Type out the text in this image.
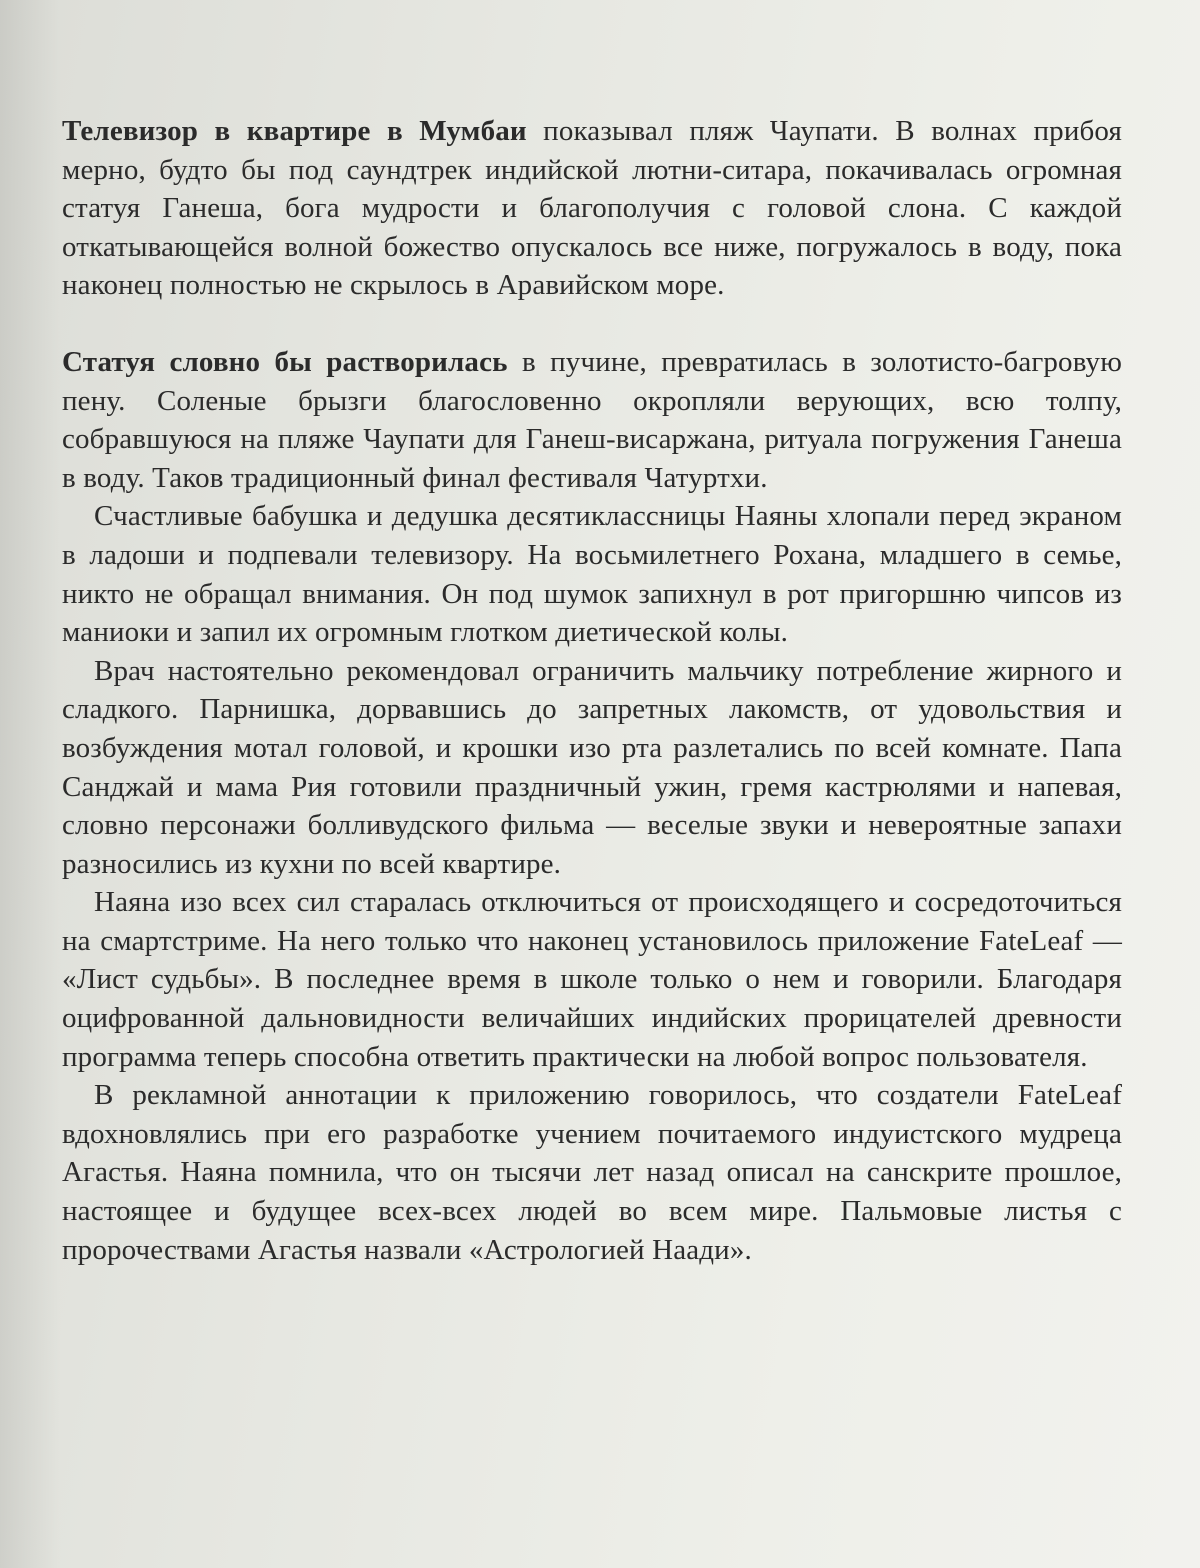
Телевизор в квартире в Мумбаи показывал пляж Чаупати. В волнах прибоя мерно, будто бы под саундтрек индийской лютни-ситара, покачивалась огромная статуя Ганеша, бога мудрости и благополучия с головой слона. С каждой откатывающейся волной божество опускалось все ниже, погружалось в воду, пока наконец полностью не скрылось в Аравийском море.

Статуя словно бы растворилась в пучине, превратилась в золотисто-багровую пену. Соленые брызги благословенно окропляли верующих, всю толпу, собравшуюся на пляже Чаупати для Ганеш-висаржана, ритуала погружения Ганеша в воду. Таков традиционный финал фестиваля Чатуртхи.

Счастливые бабушка и дедушка десятиклассницы Наяны хлопали перед экраном в ладоши и подпевали телевизору. На восьмилетнего Рохана, младшего в семье, никто не обращал внимания. Он под шумок запихнул в рот пригоршню чипсов из маниоки и запил их огромным глотком диетической колы.

Врач настоятельно рекомендовал ограничить мальчику потребление жирного и сладкого. Парнишка, дорвавшись до запретных лакомств, от удовольствия и возбуждения мотал головой, и крошки изо рта разлетались по всей комнате. Папа Санджай и мама Рия готовили праздничный ужин, гремя кастрюлями и напевая, словно персонажи болливудского фильма — веселые звуки и невероятные запахи разносились из кухни по всей квартире.

Наяна изо всех сил старалась отключиться от происходящего и сосредоточиться на смартстриме. На него только что наконец установилось приложение FateLeaf — «Лист судьбы». В последнее время в школе только о нем и говорили. Благодаря оцифрованной дальновидности величайших индийских прорицателей древности программа теперь способна ответить практически на любой вопрос пользователя.

В рекламной аннотации к приложению говорилось, что создатели FateLeaf вдохновлялись при его разработке учением почитаемого индуистского мудреца Агастья. Наяна помнила, что он тысячи лет назад описал на санскрите прошлое, настоящее и будущее всех-всех людей во всем мире. Пальмовые листья с пророчествами Агастья назвали «Астрологией Наади».
